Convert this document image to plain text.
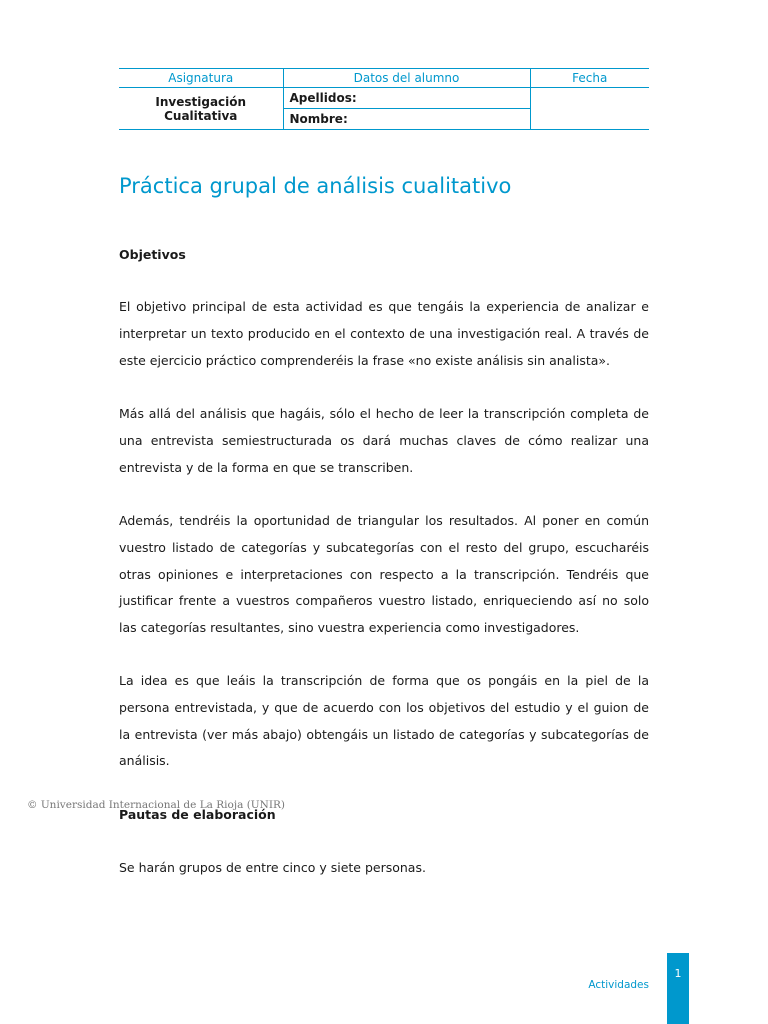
Asignatura	Datos del alumno	Fecha
Investigación Cualitativa	Apellidos:	
	Nombre:	
Práctica grupal de análisis cualitativo
Objetivos

El objetivo principal de esta actividad es que tengáis la experiencia de analizar e interpretar un texto producido en el contexto de una investigación real. A través de este ejercicio práctico comprenderéis la frase «no existe análisis sin analista».

Más allá del análisis que hagáis, sólo el hecho de leer la transcripción completa de una entrevista semiestructurada os dará muchas claves de cómo realizar una entrevista y de la forma en que se transcriben.

Además, tendréis la oportunidad de triangular los resultados. Al poner en común vuestro listado de categorías y subcategorías con el resto del grupo, escucharéis otras opiniones e interpretaciones con respecto a la transcripción. Tendréis que justificar frente a vuestros compañeros vuestro listado, enriqueciendo así no solo las categorías resultantes, sino vuestra experiencia como investigadores.

La idea es que leáis la transcripción de forma que os pongáis en la piel de la persona entrevistada, y que de acuerdo con los objetivos del estudio y el guion de la entrevista (ver más abajo) obtengáis un listado de categorías y subcategorías de análisis.

© Universidad Internacional de La Rioja (UNIR)

Pautas de elaboración

Se harán grupos de entre cinco y siete personas.

Actividades
1
